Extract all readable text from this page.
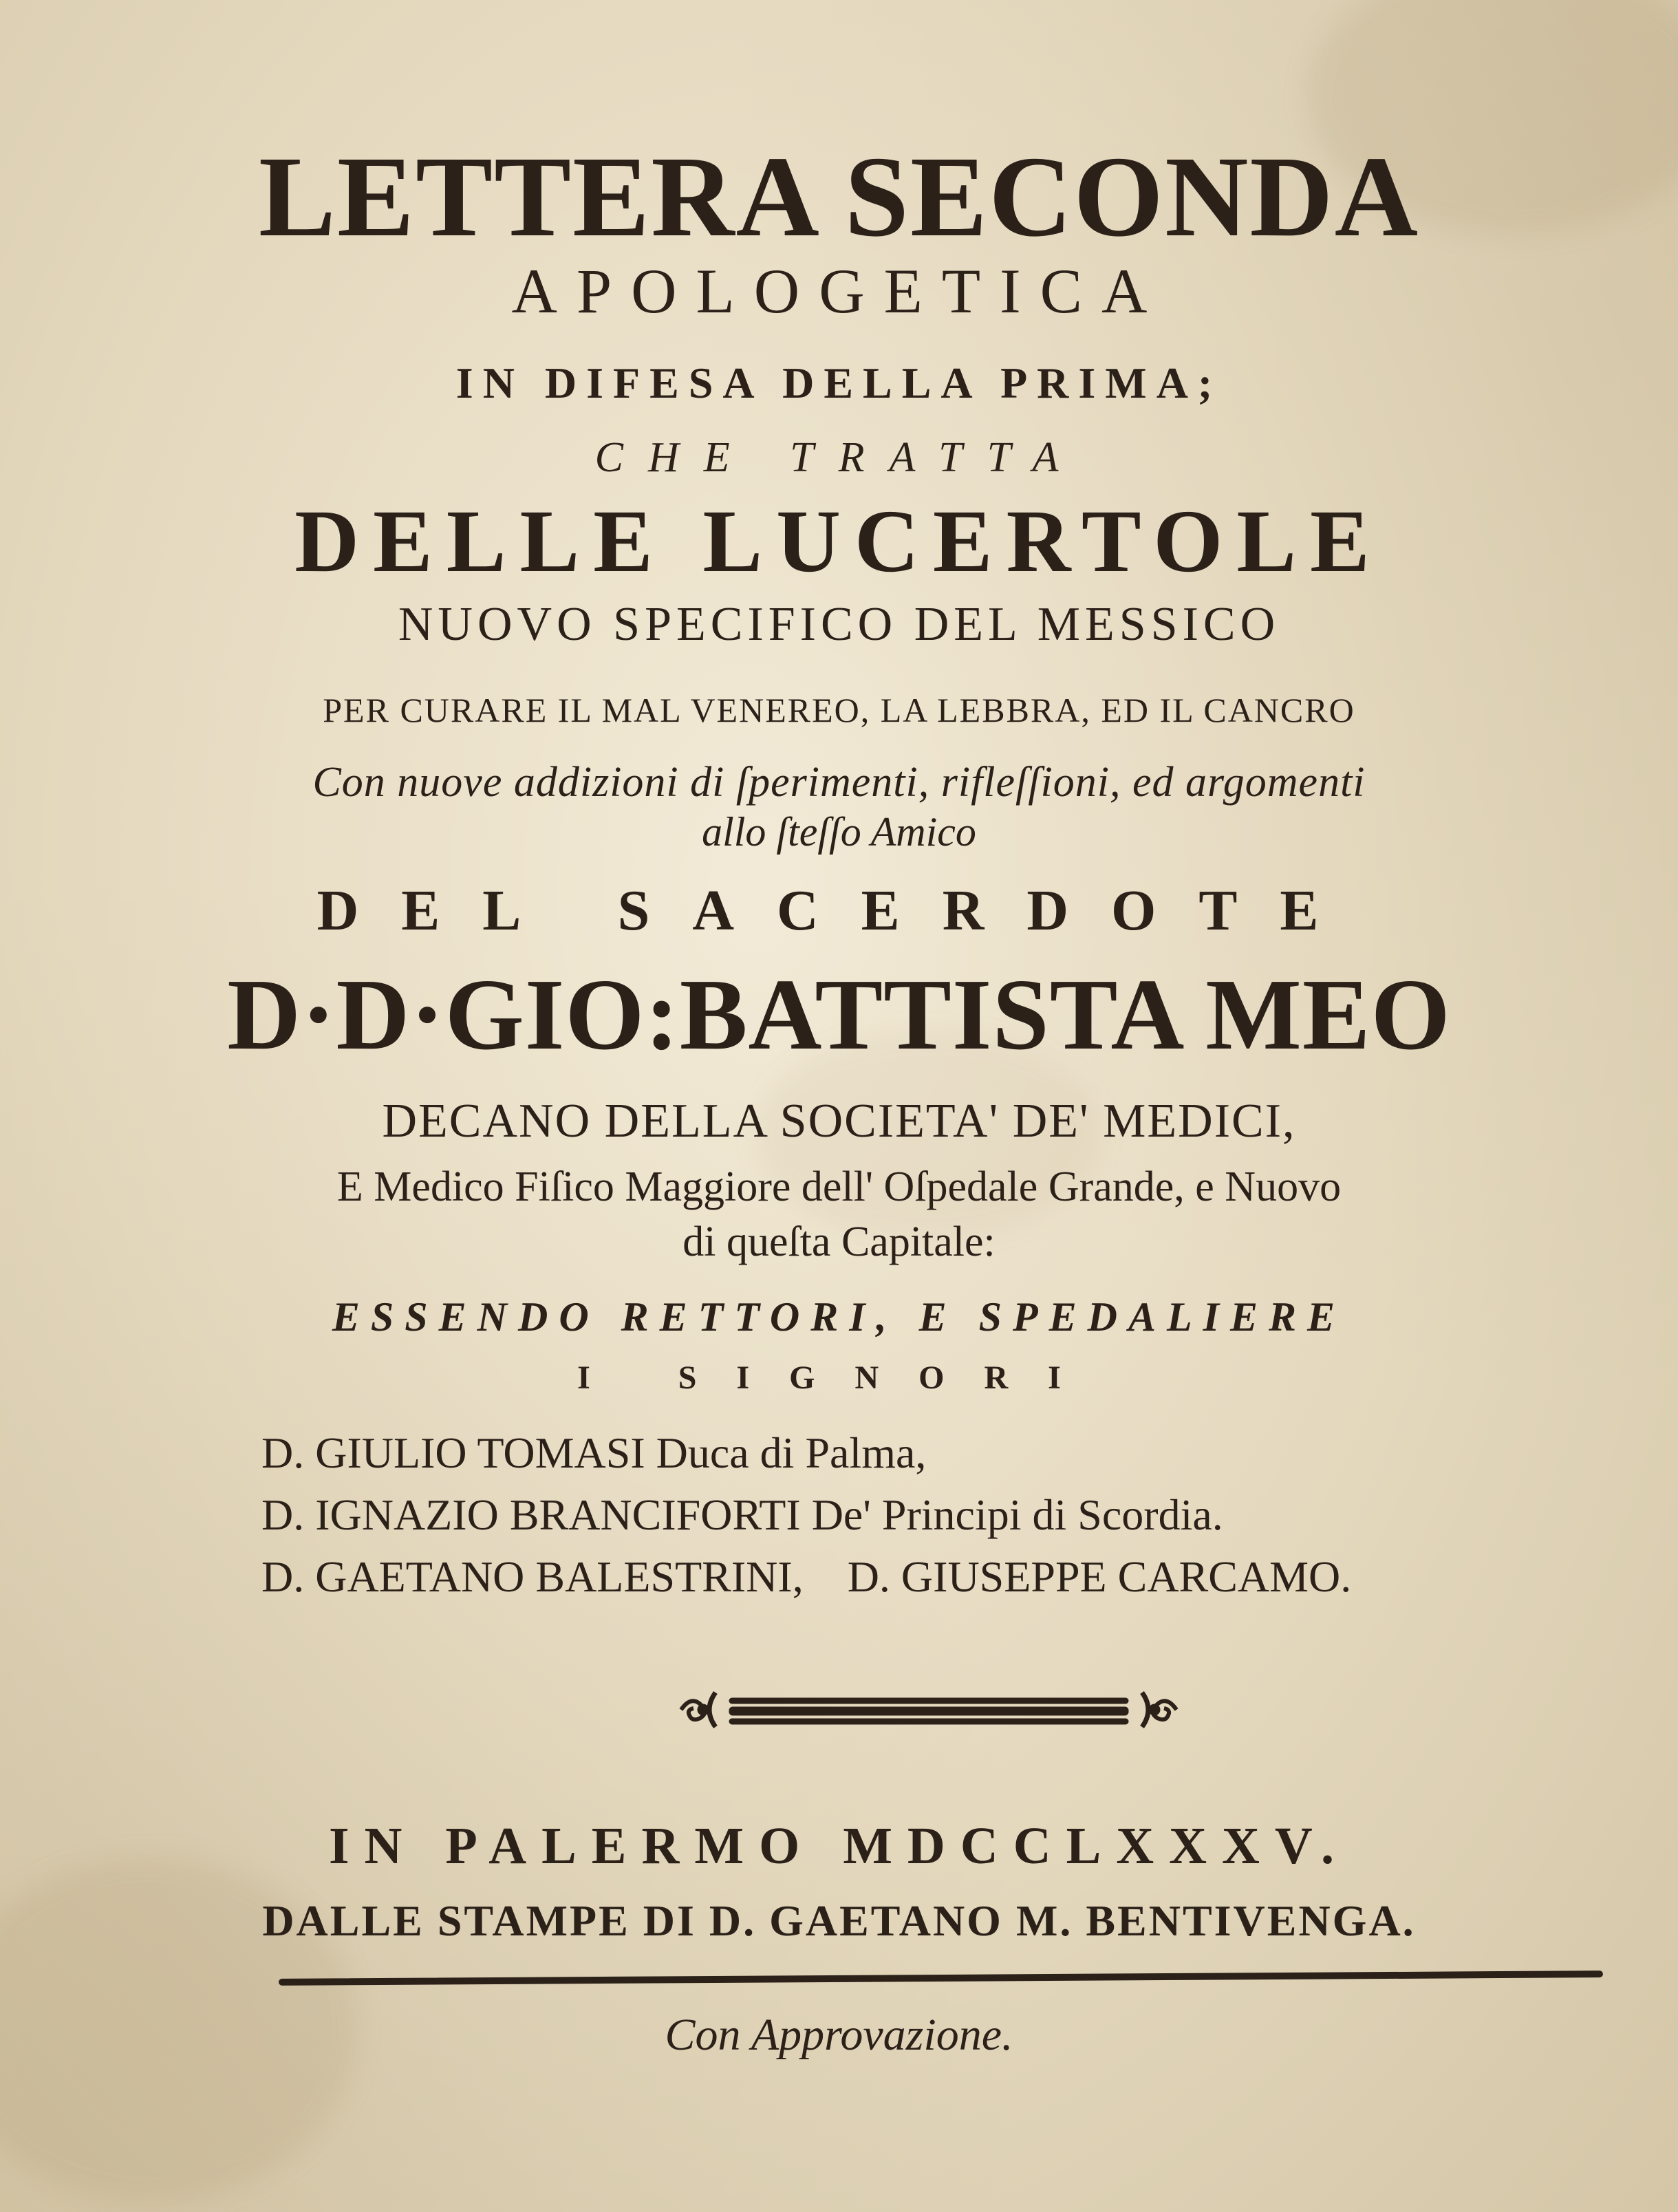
LETTERA SECONDA
APOLOGETICA
IN DIFESA DELLA PRIMA;
CHE TRATTA
DELLE LUCERTOLE
NUOVO SPECIFICO DEL MESSICO
PER CURARE IL MAL VENEREO, LA LEBBRA, ED IL CANCRO
Con nuove addizioni di ſperimenti, rifleſſioni, ed argomenti
allo ſteſſo Amico
DEL SACERDOTE
D·D·GIO:BATTISTA MEO
DECANO DELLA SOCIETA' DE' MEDICI,
E Medico Fiſico Maggiore dell' Oſpedale Grande, e Nuovo
di queſta Capitale:
ESSENDO RETTORI, E SPEDALIERE
I SIGNORI
D. GIULIO TOMASI Duca di Palma,
D. IGNAZIO BRANCIFORTI De' Principi di Scordia.
D. GAETANO BALESTRINI,    D. GIUSEPPE CARCAMO.
IN PALERMO MDCCLXXXV.
DALLE STAMPE DI D. GAETANO M. BENTIVENGA.
Con Approvazione.
